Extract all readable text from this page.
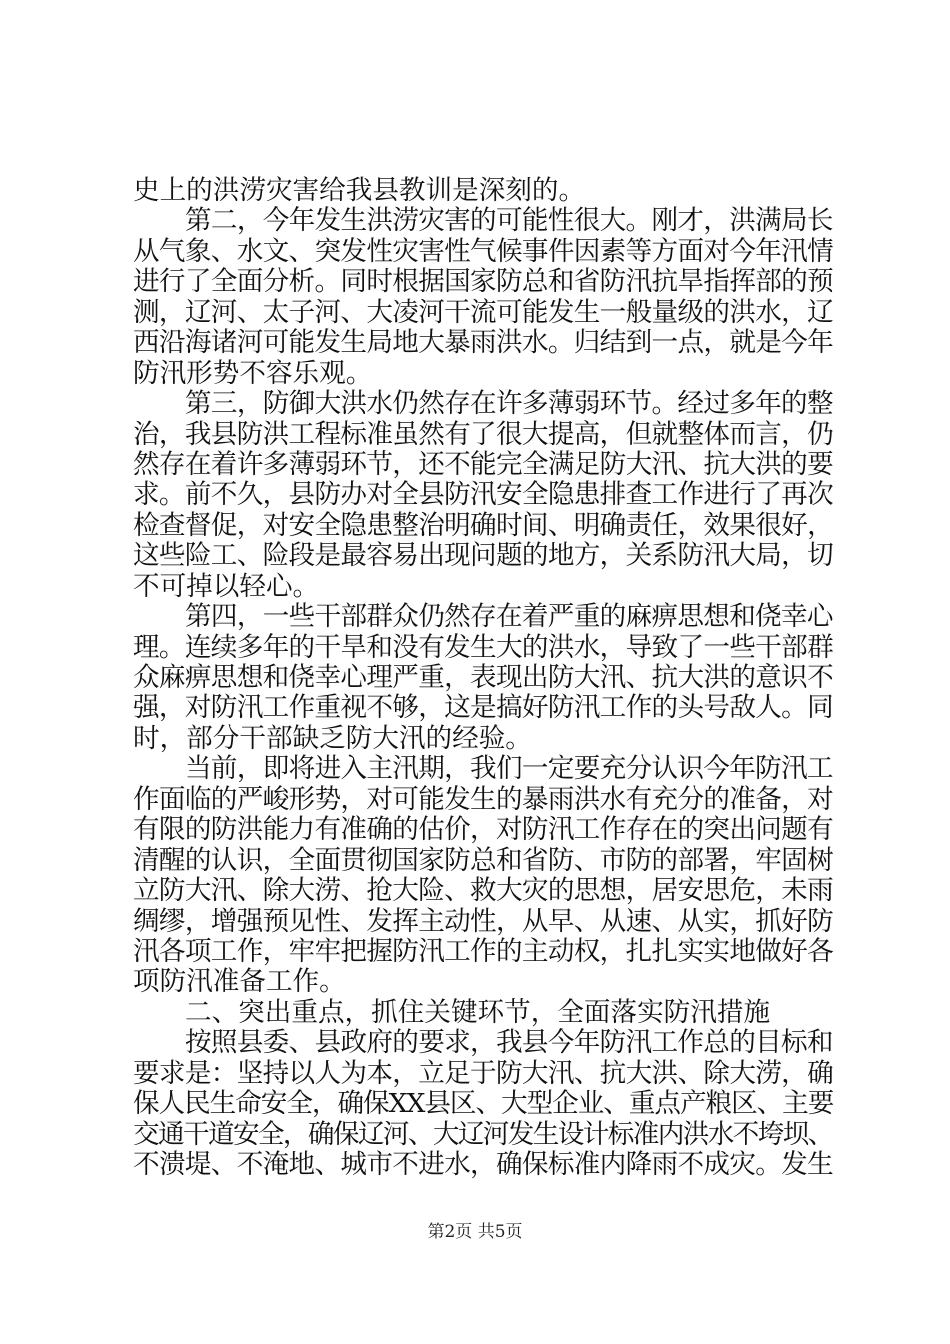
史上的洪涝灾害给我县教训是深刻的。
第二，今年发生洪涝灾害的可能性很大。刚才，洪满局长
从气象、水文、突发性灾害性气候事件因素等方面对今年汛情
进行了全面分析。同时根据国家防总和省防汛抗旱指挥部的预
测，辽河、太子河、大凌河干流可能发生一般量级的洪水，辽
西沿海诸河可能发生局地大暴雨洪水。归结到一点，就是今年
防汛形势不容乐观。
第三，防御大洪水仍然存在许多薄弱环节。经过多年的整
治，我县防洪工程标准虽然有了很大提高，但就整体而言，仍
然存在着许多薄弱环节，还不能完全满足防大汛、抗大洪的要
求。前不久，县防办对全县防汛安全隐患排查工作进行了再次
检查督促，对安全隐患整治明确时间、明确责任，效果很好，
这些险工、险段是最容易出现问题的地方，关系防汛大局，切
不可掉以轻心。
第四，一些干部群众仍然存在着严重的麻痹思想和侥幸心
理。连续多年的干旱和没有发生大的洪水，导致了一些干部群
众麻痹思想和侥幸心理严重，表现出防大汛、抗大洪的意识不
强，对防汛工作重视不够，这是搞好防汛工作的头号敌人。同
时，部分干部缺乏防大汛的经验。
当前，即将进入主汛期，我们一定要充分认识今年防汛工
作面临的严峻形势，对可能发生的暴雨洪水有充分的准备，对
有限的防洪能力有准确的估价，对防汛工作存在的突出问题有
清醒的认识，全面贯彻国家防总和省防、市防的部署，牢固树
立防大汛、除大涝、抢大险、救大灾的思想，居安思危，未雨
绸缪，增强预见性、发挥主动性，从早、从速、从实，抓好防
汛各项工作，牢牢把握防汛工作的主动权，扎扎实实地做好各
项防汛准备工作。
二、突出重点，抓住关键环节，全面落实防汛措施
按照县委、县政府的要求，我县今年防汛工作总的目标和
要求是：坚持以人为本，立足于防大汛、抗大洪、除大涝，确
保人民生命安全，确保XX县区、大型企业、重点产粮区、主要
交通干道安全，确保辽河、大辽河发生设计标准内洪水不垮坝、
不溃堤、不淹地、城市不进水，确保标准内降雨不成灾。发生
第2页 共5页
